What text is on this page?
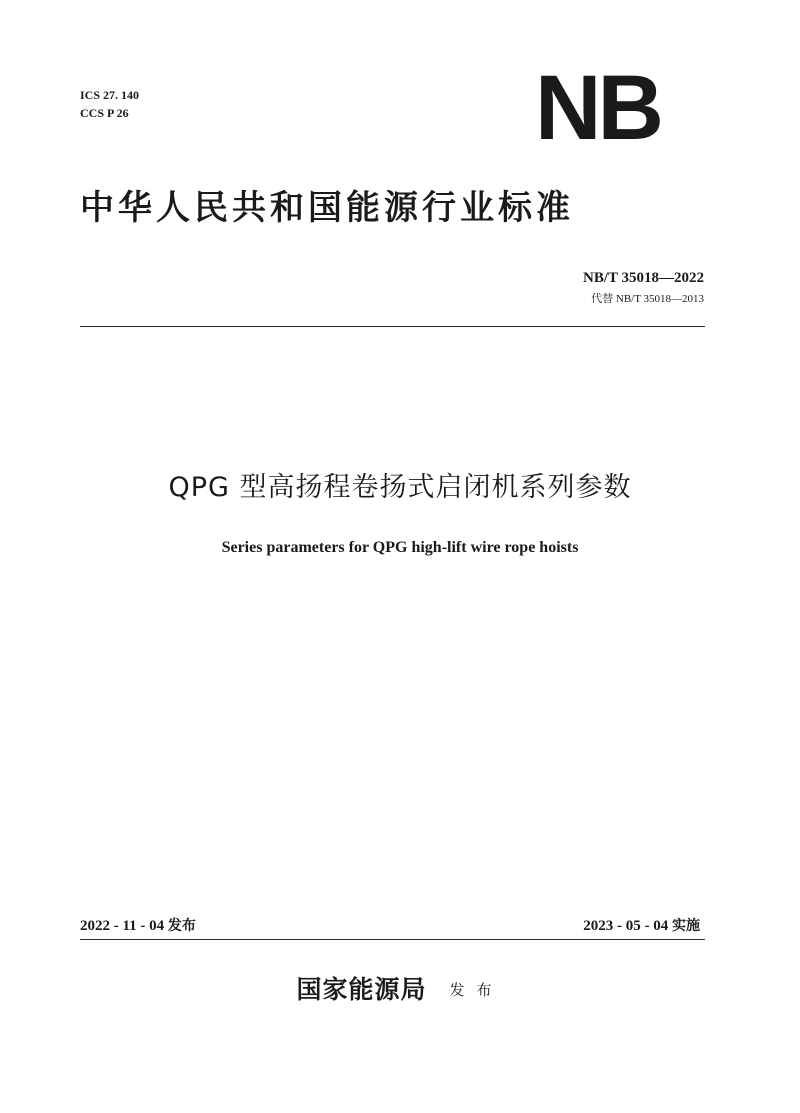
ICS 27. 140
CCS P 26	NB
中华人民共和国能源行业标准
NB/T 35018—2022
代替 NB/T 35018—2013
QPG 型高扬程卷扬式启闭机系列参数
Series parameters for QPG high-lift wire rope hoists
2022 - 11 - 04 发布	2023 - 05 - 04 实施
国家能源局 发布
